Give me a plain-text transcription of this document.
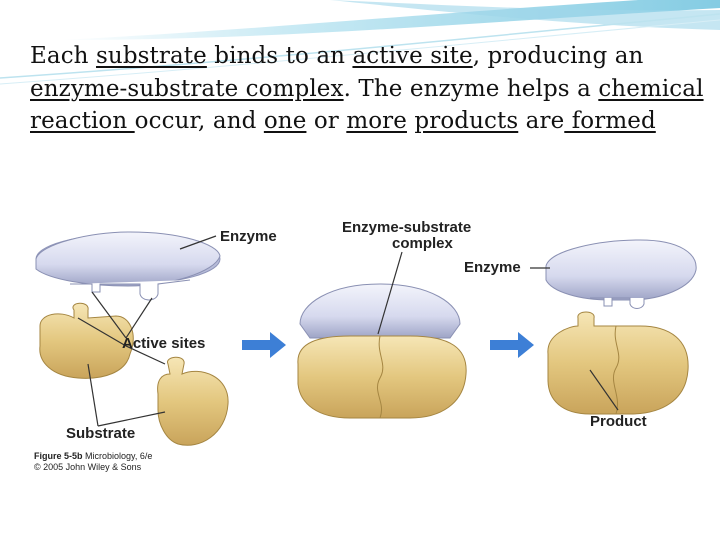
Each substrate binds to an active site, producing an enzyme-substrate complex. The enzyme helps a chemical reaction occur, and one or more products are formed
Enzyme
Active sites
Substrate
Enzyme-substrate
complex
Enzyme
Product
Figure 5-5b Microbiology, 6/e
© 2005 John Wiley & Sons
